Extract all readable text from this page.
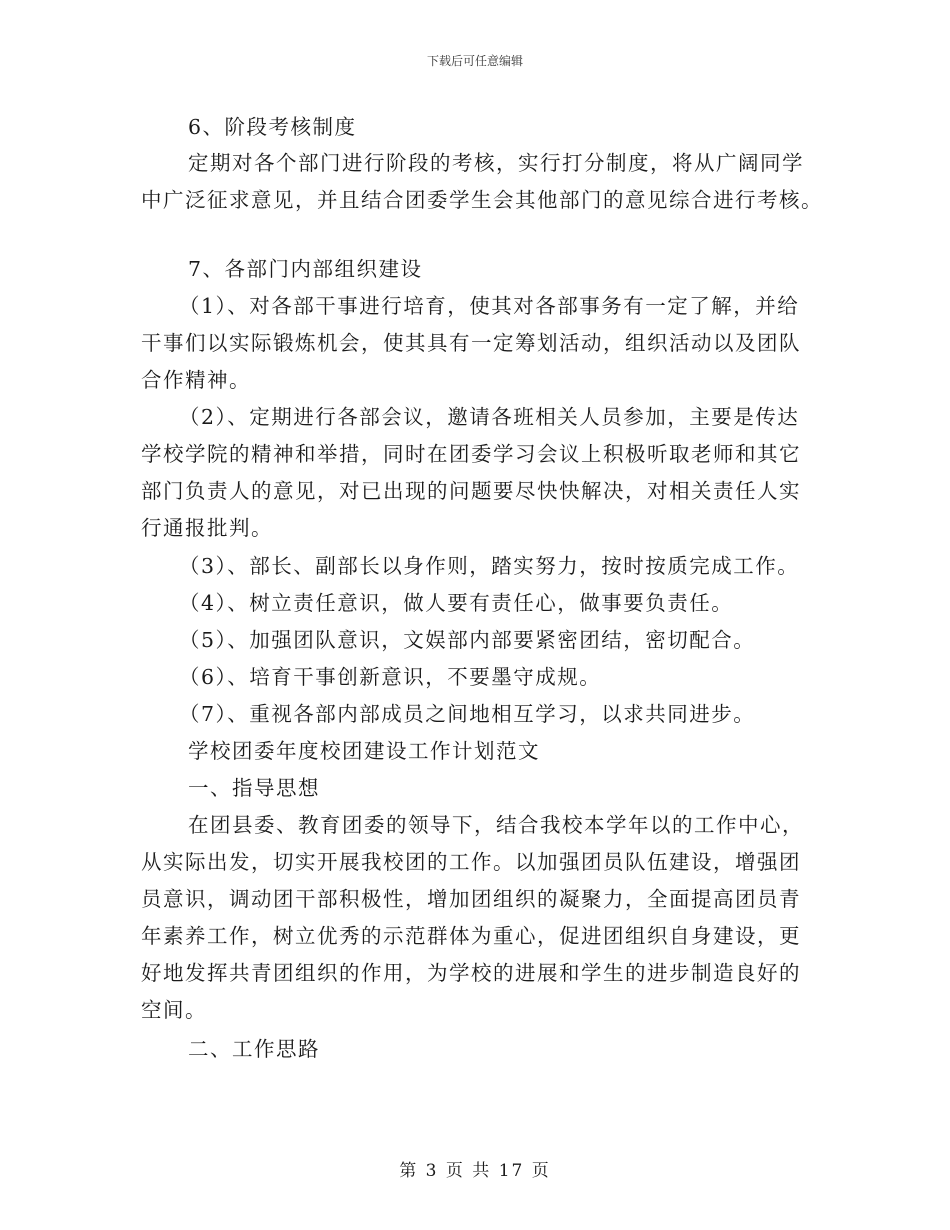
下载后可任意编辑
6、阶段考核制度
定期对各个部门进行阶段的考核，实行打分制度，将从广阔同学
中广泛征求意见，并且结合团委学生会其他部门的意见综合进行考核。
7、各部门内部组织建设
（1）、对各部干事进行培育，使其对各部事务有一定了解，并给
干事们以实际锻炼机会，使其具有一定筹划活动，组织活动以及团队
合作精神。
（2）、定期进行各部会议，邀请各班相关人员参加，主要是传达
学校学院的精神和举措，同时在团委学习会议上积极听取老师和其它
部门负责人的意见，对已出现的问题要尽快快解决，对相关责任人实
行通报批判。
（3）、部长、副部长以身作则，踏实努力，按时按质完成工作。
（4）、树立责任意识，做人要有责任心，做事要负责任。
（5）、加强团队意识，文娱部内部要紧密团结，密切配合。
（6）、培育干事创新意识，不要墨守成规。
（7）、重视各部内部成员之间地相互学习，以求共同进步。
学校团委年度校团建设工作计划范文
一、指导思想
在团县委、教育团委的领导下，结合我校本学年以的工作中心，
从实际出发，切实开展我校团的工作。以加强团员队伍建设，增强团
员意识，调动团干部积极性，增加团组织的凝聚力，全面提高团员青
年素养工作，树立优秀的示范群体为重心，促进团组织自身建设，更
好地发挥共青团组织的作用，为学校的进展和学生的进步制造良好的
空间。
二、工作思路
第 3 页 共 17 页
